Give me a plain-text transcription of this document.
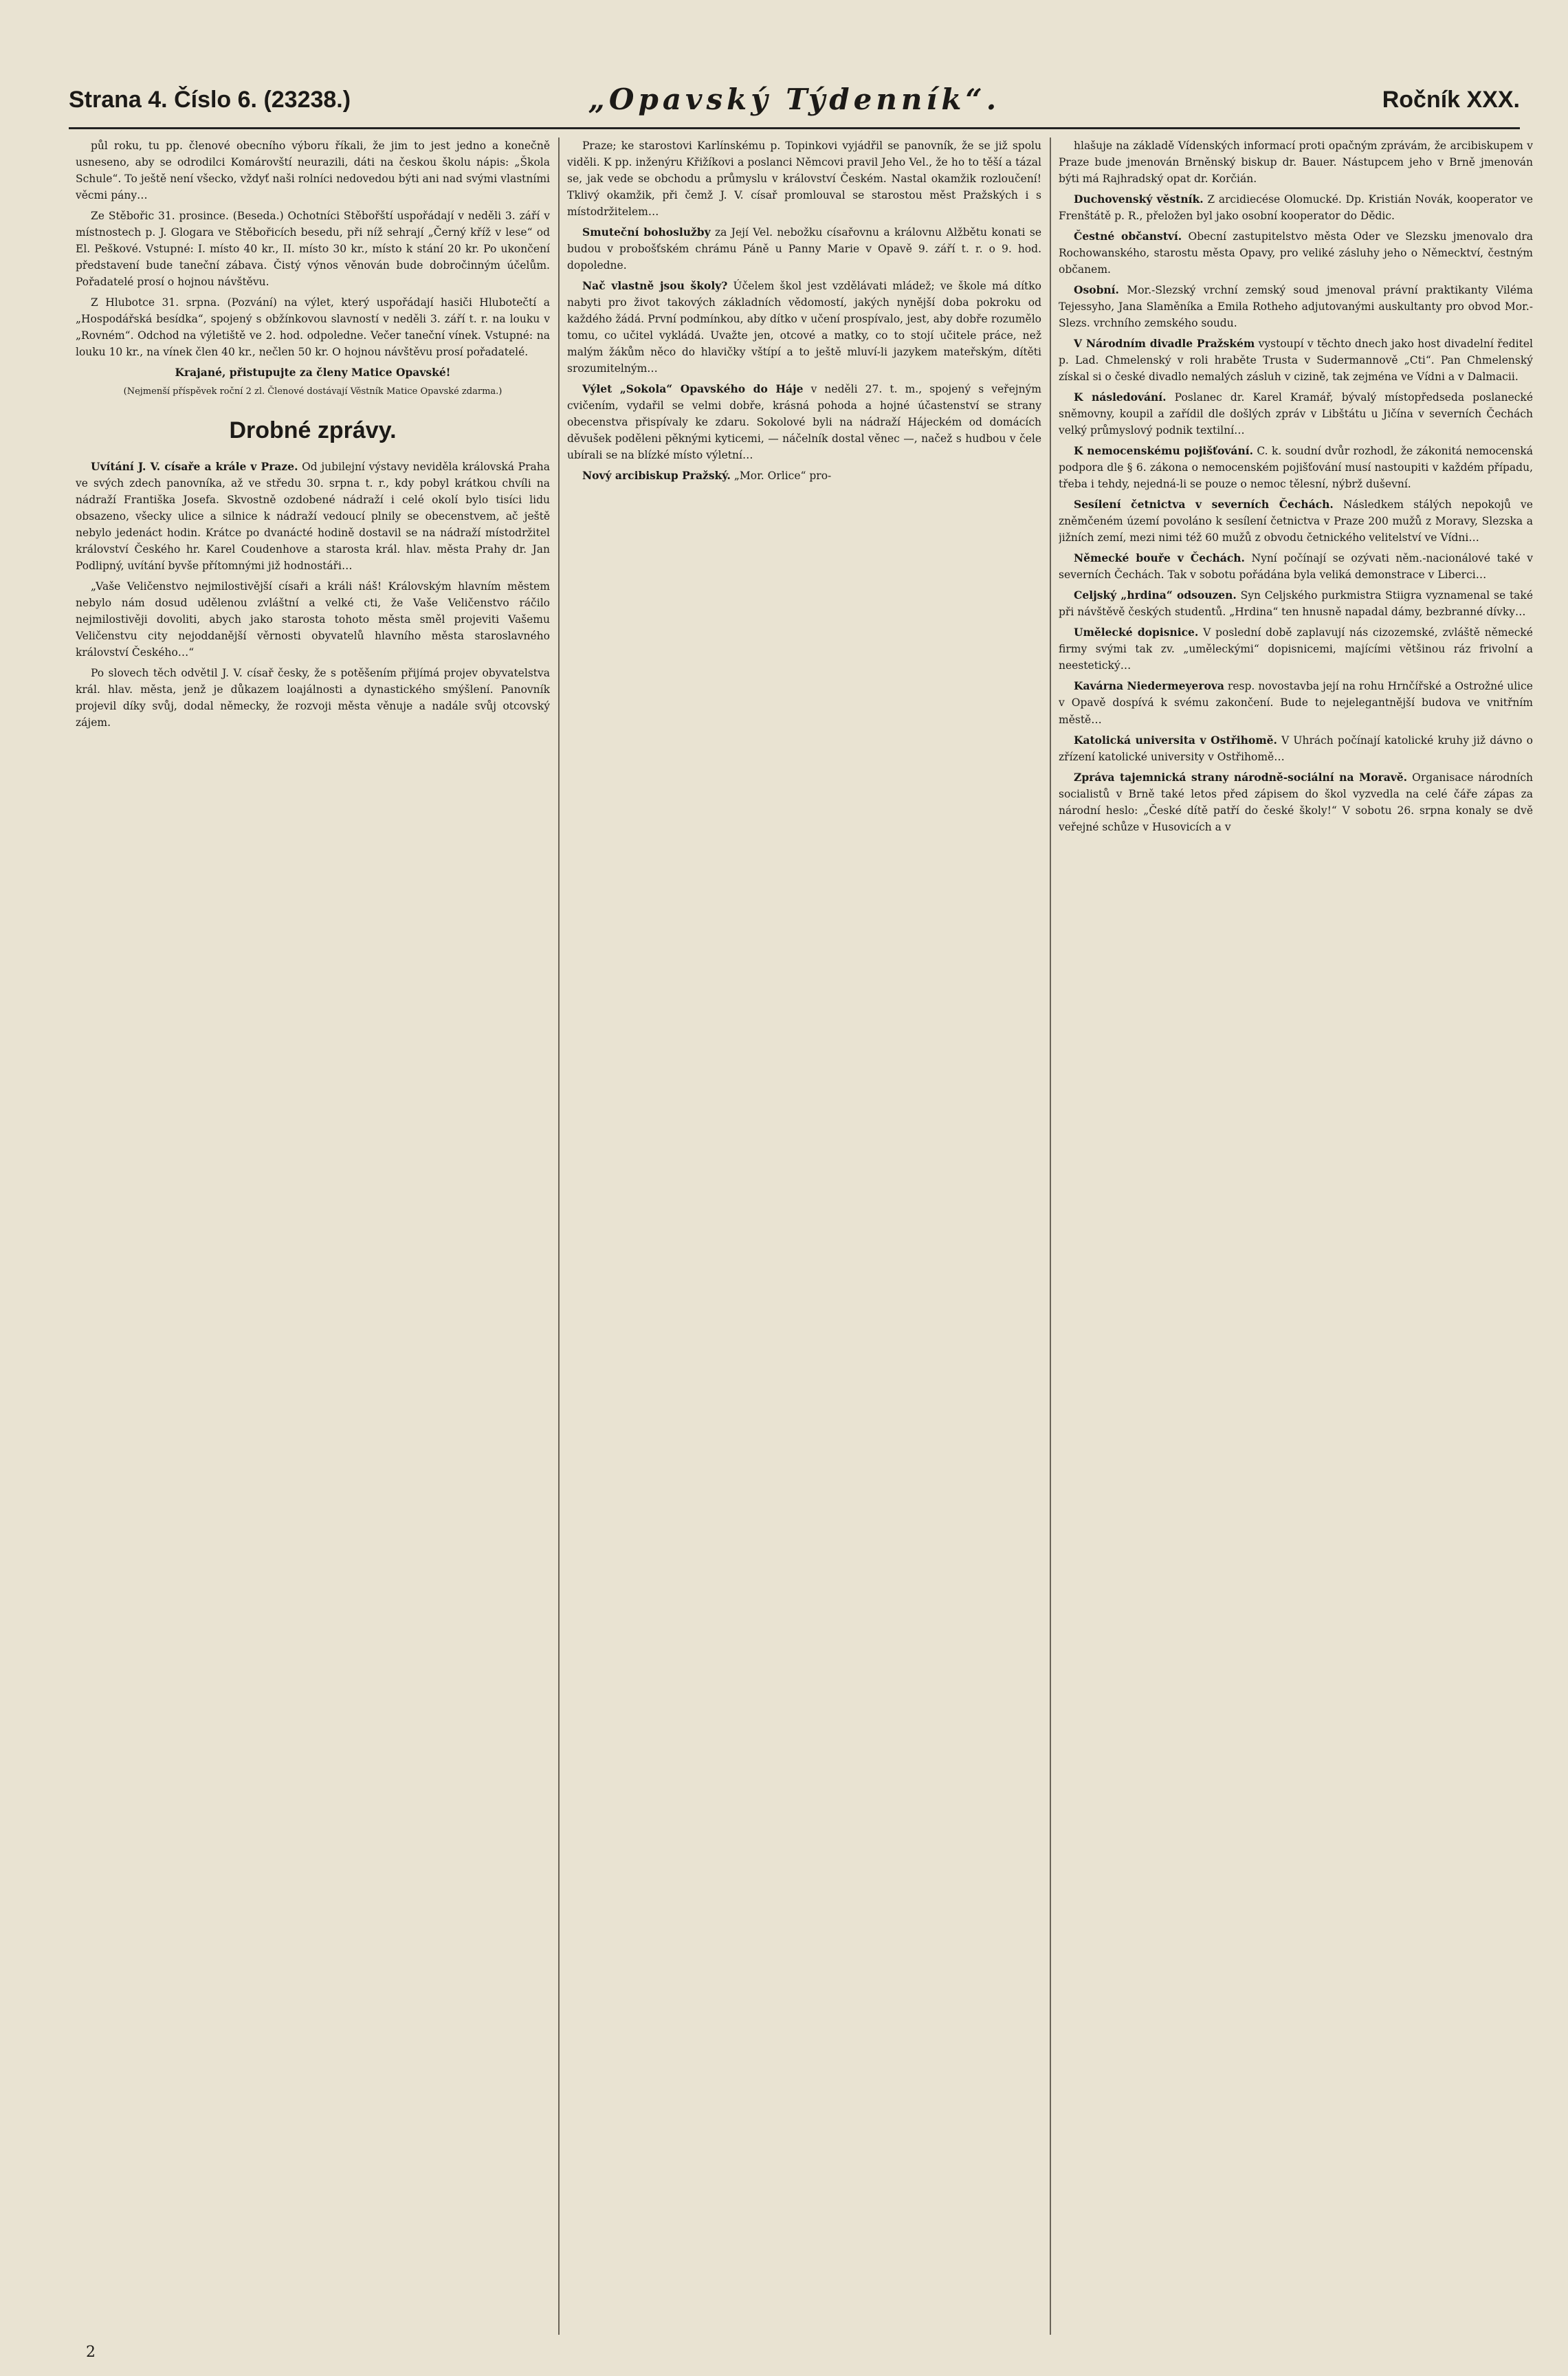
Strana 4. Číslo 6. (23238.)	„Opavský Týdenník“.	Ročník XXX.

půl roku, tu pp. členové obecního výboru říkali, že jim to jest jedno a konečně usneseno, aby se odrodilci Komárovští neurazili, dáti na českou školu nápis: „Škola Schule“. To ještě není všecko, vždyť naši rolníci nedovedou býti ani nad svými vlastními věcmi pány…

Ze Stěbořic 31. prosince. (Beseda.) Ochotníci Stěbořští uspořádají v neděli 3. září v místnostech p. J. Glogara ve Stěbořicích besedu, při níž sehrají „Černý kříž v lese“ od El. Peškové. Vstupné: I. místo 40 kr., II. místo 30 kr., místo k stání 20 kr. Po ukončení představení bude taneční zábava. Čistý výnos věnován bude dobročinným účelům. Pořadatelé prosí o hojnou návštěvu.

Z Hlubotce 31. srpna. (Pozvání) na výlet, který uspořádají hasiči Hlubotečtí a „Hospodářská besídka“, spojený s obžínkovou slavností v neděli 3. září t. r. na louku v „Rovném“. Odchod na výletiště ve 2. hod. odpoledne. Večer taneční vínek. Vstupné: na louku 10 kr., na vínek člen 40 kr., nečlen 50 kr. O hojnou návštěvu prosí pořadatelé.

Krajané, přistupujte za členy Matice Opavské!

(Nejmenší příspěvek roční 2 zl. Členové dostávají Věstník Matice Opavské zdarma.)

Drobné zprávy.

Uvítání J. V. císaře a krále v Praze. Od jubilejní výstavy neviděla královská Praha ve svých zdech panovníka, až ve středu 30. srpna t. r., kdy pobyl krátkou chvíli na nádraží Františka Josefa. Skvostně ozdobené nádraží i celé okolí bylo tisíci lidu obsazeno, všecky ulice a silnice k nádraží vedoucí plnily se obecenstvem, ač ještě nebylo jedenáct hodin. Krátce po dvanácté hodině dostavil se na nádraží místodržitel království Českého hr. Karel Coudenhove a starosta král. hlav. města Prahy dr. Jan Podlipný, uvítání byvše přítomnými již hodnostáři…

„Vaše Veličenstvo nejmilostivější císaři a králi náš! Královským hlavním městem nebylo nám dosud udělenou zvláštní a velké cti, že Vaše Veličenstvo ráčilo nejmilostivěji dovoliti, abych jako starosta tohoto města směl projeviti Vašemu Veličenstvu city nejoddanější věrnosti obyvatelů hlavního města staroslavného království Českého…“

Po slovech těch odvětil J. V. císař česky, že s potěšením přijímá projev obyvatelstva král. hlav. města, jenž je důkazem loajálnosti a dynastického smýšlení. Panovník projevil díky svůj, dodal německy, že rozvoji města věnuje a nadále svůj otcovský zájem.

Praze; ke starostovi Karlínskému p. Topinkovi vyjádřil se panovník, že se již spolu viděli. K pp. inženýru Křižíkovi a poslanci Němcovi pravil Jeho Vel., že ho to těší a tázal se, jak vede se obchodu a průmyslu v království Českém. Nastal okamžik rozloučení! Tklivý okamžik, při čemž J. V. císař promlouval se starostou měst Pražských i s místodržitelem…

Smuteční bohoslužby za Její Vel. nebožku císařovnu a královnu Alžbětu konati se budou v probošťském chrámu Páně u Panny Marie v Opavě 9. září t. r. o 9. hod. dopoledne.

Nač vlastně jsou školy? Účelem škol jest vzdělávati mládež; ve škole má dítko nabyti pro život takových základních vědomostí, jakých nynější doba pokroku od každého žádá. První podmínkou, aby dítko v učení prospívalo, jest, aby dobře rozumělo tomu, co učitel vykládá. Uvažte jen, otcové a matky, co to stojí učitele práce, než malým žákům něco do hlavičky vštípí a to ještě mluví-li jazykem mateřským, dítěti srozumitelným…

Výlet „Sokola“ Opavského do Háje v neděli 27. t. m., spojený s veřejným cvičením, vydařil se velmi dobře, krásná pohoda a hojné účastenství se strany obecenstva přispívaly ke zdaru. Sokolové byli na nádraží Hájeckém od domácích děvušek poděleni pěknými kyticemi, — náčelník dostal věnec —, načež s hudbou v čele ubírali se na blízké místo výletní…

Nový arcibiskup Pražský. „Mor. Orlice“ pro-

hlašuje na základě Vídenských informací proti opačným zprávám, že arcibiskupem v Praze bude jmenován Brněnský biskup dr. Bauer. Nástupcem jeho v Brně jmenován býti má Rajhradský opat dr. Korčián.

Duchovenský věstník. Z arcidiecése Olomucké. Dp. Kristián Novák, kooperator ve Frenštátě p. R., přeložen byl jako osobní kooperator do Dědic.

Čestné občanství. Obecní zastupitelstvo města Oder ve Slezsku jmenovalo dra Rochowanského, starostu města Opavy, pro veliké zásluhy jeho o Německtví, čestným občanem.

Osobní. Mor.-Slezský vrchní zemský soud jmenoval právní praktikanty Viléma Tejessyho, Jana Slaměníka a Emila Rotheho adjutovanými auskultanty pro obvod Mor.-Slezs. vrchního zemského soudu.

V Národním divadle Pražském vystoupí v těchto dnech jako host divadelní ředitel p. Lad. Chmelenský v roli hraběte Trusta v Sudermannově „Cti“. Pan Chmelenský získal si o české divadlo nemalých zásluh v cizině, tak zejména ve Vídni a v Dalmacii.

K následování. Poslanec dr. Karel Kramář, bývalý místopředseda poslanecké sněmovny, koupil a zařídil dle došlých zpráv v Libštátu u Jičína v severních Čechách velký průmyslový podnik textilní…

K nemocenskému pojišťování. C. k. soudní dvůr rozhodl, že zákonitá nemocenská podpora dle § 6. zákona o nemocenském pojišťování musí nastoupiti v každém případu, třeba i tehdy, nejedná-li se pouze o nemoc tělesní, nýbrž duševní.

Sesílení četnictva v severních Čechách. Následkem stálých nepokojů ve zněmčeném území povoláno k sesílení četnictva v Praze 200 mužů z Moravy, Slezska a jižních zemí, mezi nimi též 60 mužů z obvodu četnického velitelství ve Vídni…

Německé bouře v Čechách. Nyní počínají se ozývati něm.-nacionálové také v severních Čechách. Tak v sobotu pořádána byla veliká demonstrace v Liberci…

Celjský „hrdina“ odsouzen. Syn Celjského purkmistra Stiigra vyznamenal se také při návštěvě českých studentů. „Hrdina“ ten hnusně napadal dámy, bezbranné dívky…

Umělecké dopisnice. V poslední době zaplavují nás cizozemské, zvláště německé firmy svými tak zv. „uměleckými“ dopisnicemi, majícími většinou ráz frivolní a neestetický…

Kavárna Niedermeyerova resp. novostavba její na rohu Hrnčířské a Ostrožné ulice v Opavě dospívá k svému zakončení. Bude to nejelegantnější budova ve vnitřním městě…

Katolická universita v Ostřihomě. V Uhrách počínají katolické kruhy již dávno o zřízení katolické university v Ostřihomě…

Zpráva tajemnická strany národně-sociální na Moravě. Organisace národních socialistů v Brně také letos před zápisem do škol vyzvedla na celé čáře zápas za národní heslo: „České dítě patří do české školy!“ V sobotu 26. srpna konaly se dvě veřejné schůze v Husovicích a v

2
